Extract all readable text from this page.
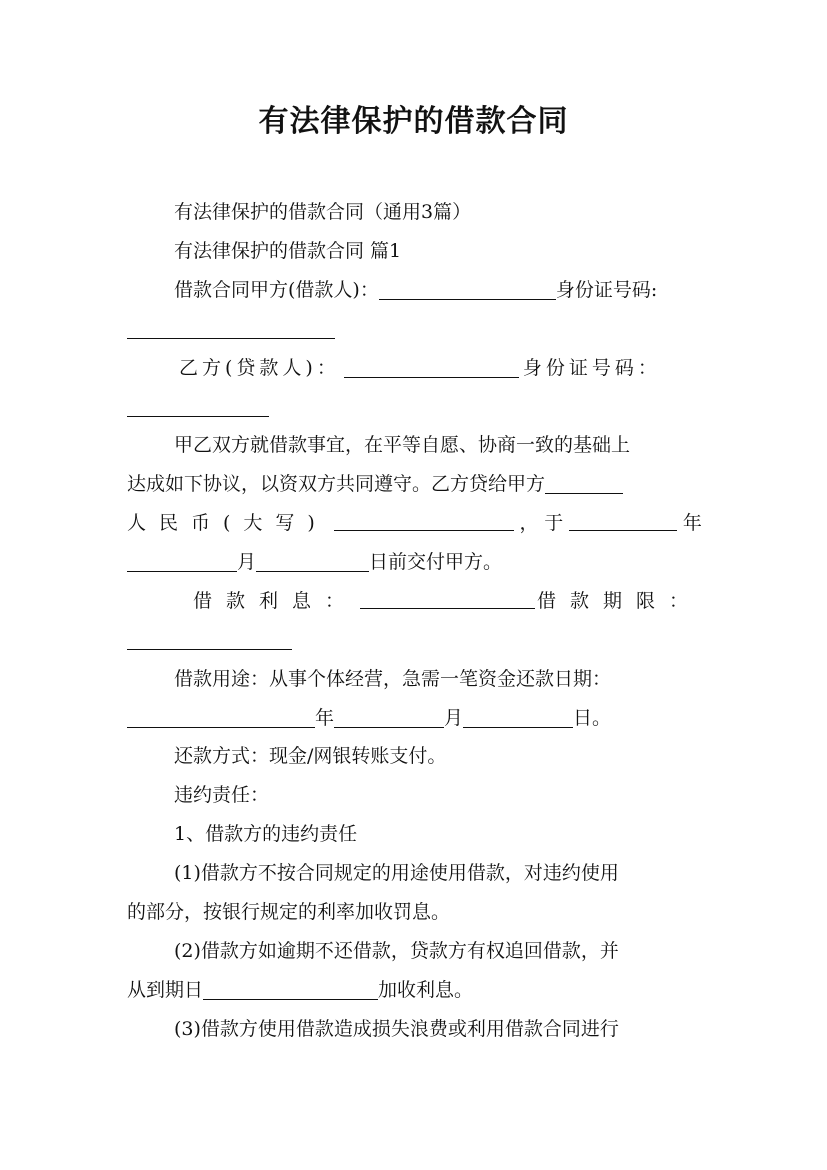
有法律保护的借款合同
有法律保护的借款合同（通用3篇）
有法律保护的借款合同 篇1
借款合同甲方(借款人)：	身份证号码:
乙方(贷款人)：	身份证号码：
甲乙双方就借款事宜，在平等自愿、协商一致的基础上
达成如下协议，以资双方共同遵守。乙方贷给甲方
人民币(大写)	， 于	年
月	日前交付甲方。
借款利息：	借款期限：
借款用途：从事个体经营，急需一笔资金还款日期：
年	月	日。
还款方式：现金/网银转账支付。
违约责任：
1、借款方的违约责任
(1)借款方不按合同规定的用途使用借款，对违约使用
的部分，按银行规定的利率加收罚息。
(2)借款方如逾期不还借款，贷款方有权追回借款，并
从到期日	加收利息。
(3)借款方使用借款造成损失浪费或利用借款合同进行
